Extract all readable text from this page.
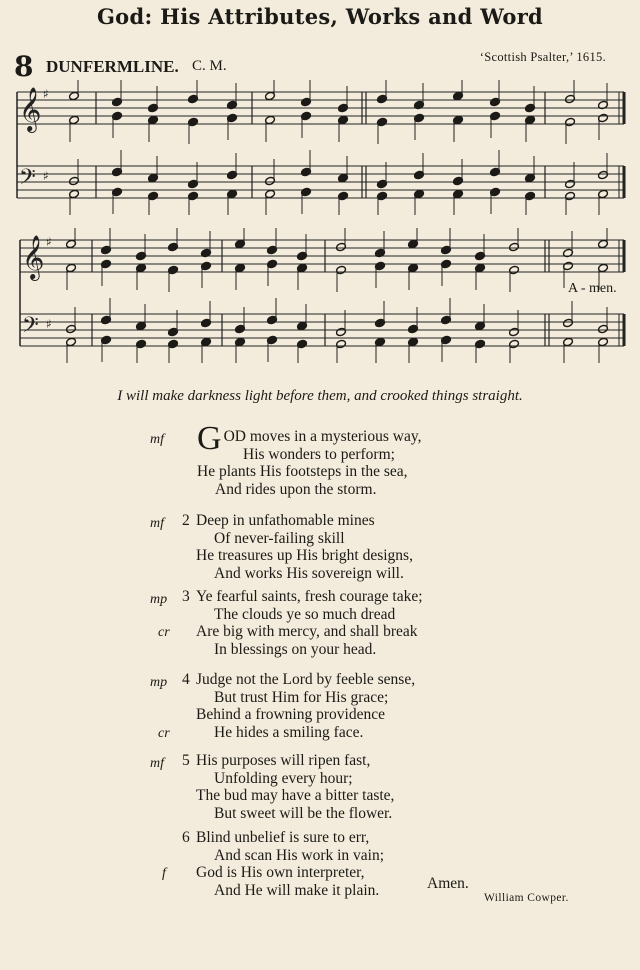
God: His Attributes, Works and Word
8 DUNFERMLINE. C. M.
‘Scottish Psalter,’ 1615.
𝄞
𝄢
♯
♯
𝄞
𝄢
♯
♯
A - men.
I will make darkness light before them, and crooked things straight.
GOD moves in a mysterious way,
His wonders to perform;
He plants His footsteps in the sea,
And rides upon the storm.
mf
2 Deep in unfathomable mines
Of never-failing skill
He treasures up His bright designs,
And works His sovereign will.
mf
3 Ye fearful saints, fresh courage take;
The clouds ye so much dread
Are big with mercy, and shall break
In blessings on your head.
mp
cr
4 Judge not the Lord by feeble sense,
But trust Him for His grace;
Behind a frowning providence
He hides a smiling face.
mp
cr
5 His purposes will ripen fast,
Unfolding every hour;
The bud may have a bitter taste,
But sweet will be the flower.
mf
6 Blind unbelief is sure to err,
And scan His work in vain;
God is His own interpreter,
And He will make it plain.
f
Amen.
William Cowper.
